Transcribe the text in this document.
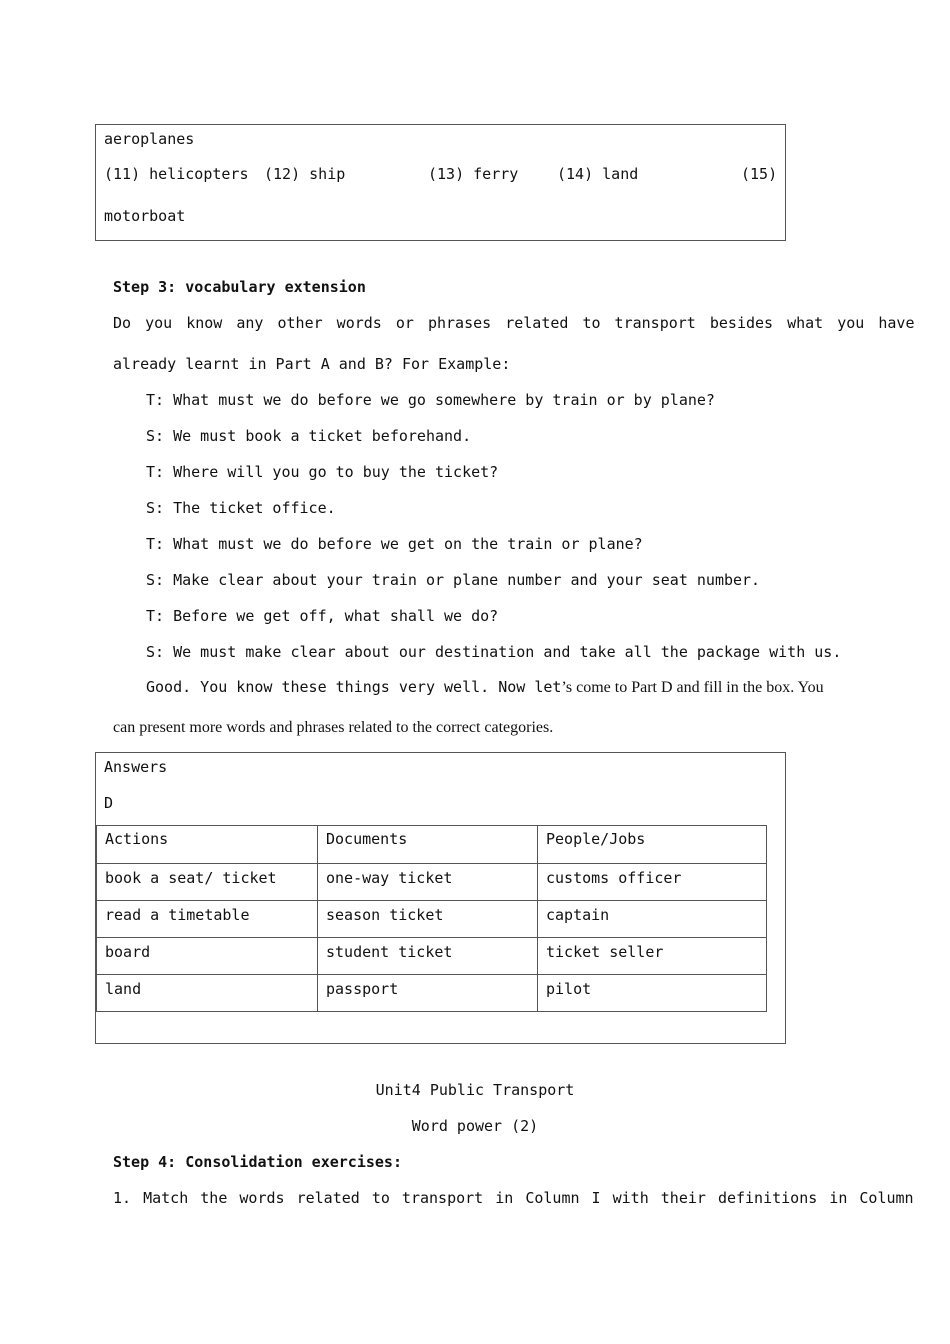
aeroplanes
(11) helicopters (12) ship	(13) ferry	(14) land	(15)
motorboat
Step 3: vocabulary extension
Do you know any other words or phrases related to transport besides what you have
already learnt in Part A and B? For Example:
T: What must we do before we go somewhere by train or by plane?
S: We must book a ticket beforehand.
T: Where will you go to buy the ticket?
S: The ticket office.
T: What must we do before we get on the train or plane?
S: Make clear about your train or plane number and your seat number.
T: Before we get off, what shall we do?
S: We must make clear about our destination and take all the package with us.
Good. You know these things very well. Now let’s come to Part D and fill in the box. You
can present more words and phrases related to the correct categories.
Answers
D
Actions	Documents	People/Jobs
book a seat/ ticket	one-way ticket	customs officer
read a timetable	season ticket	captain
board	student ticket	ticket seller
land	passport	pilot
Unit4 Public Transport
Word power (2)
Step 4: Consolidation exercises:
1. Match the words related to transport in Column I with their definitions in Column
